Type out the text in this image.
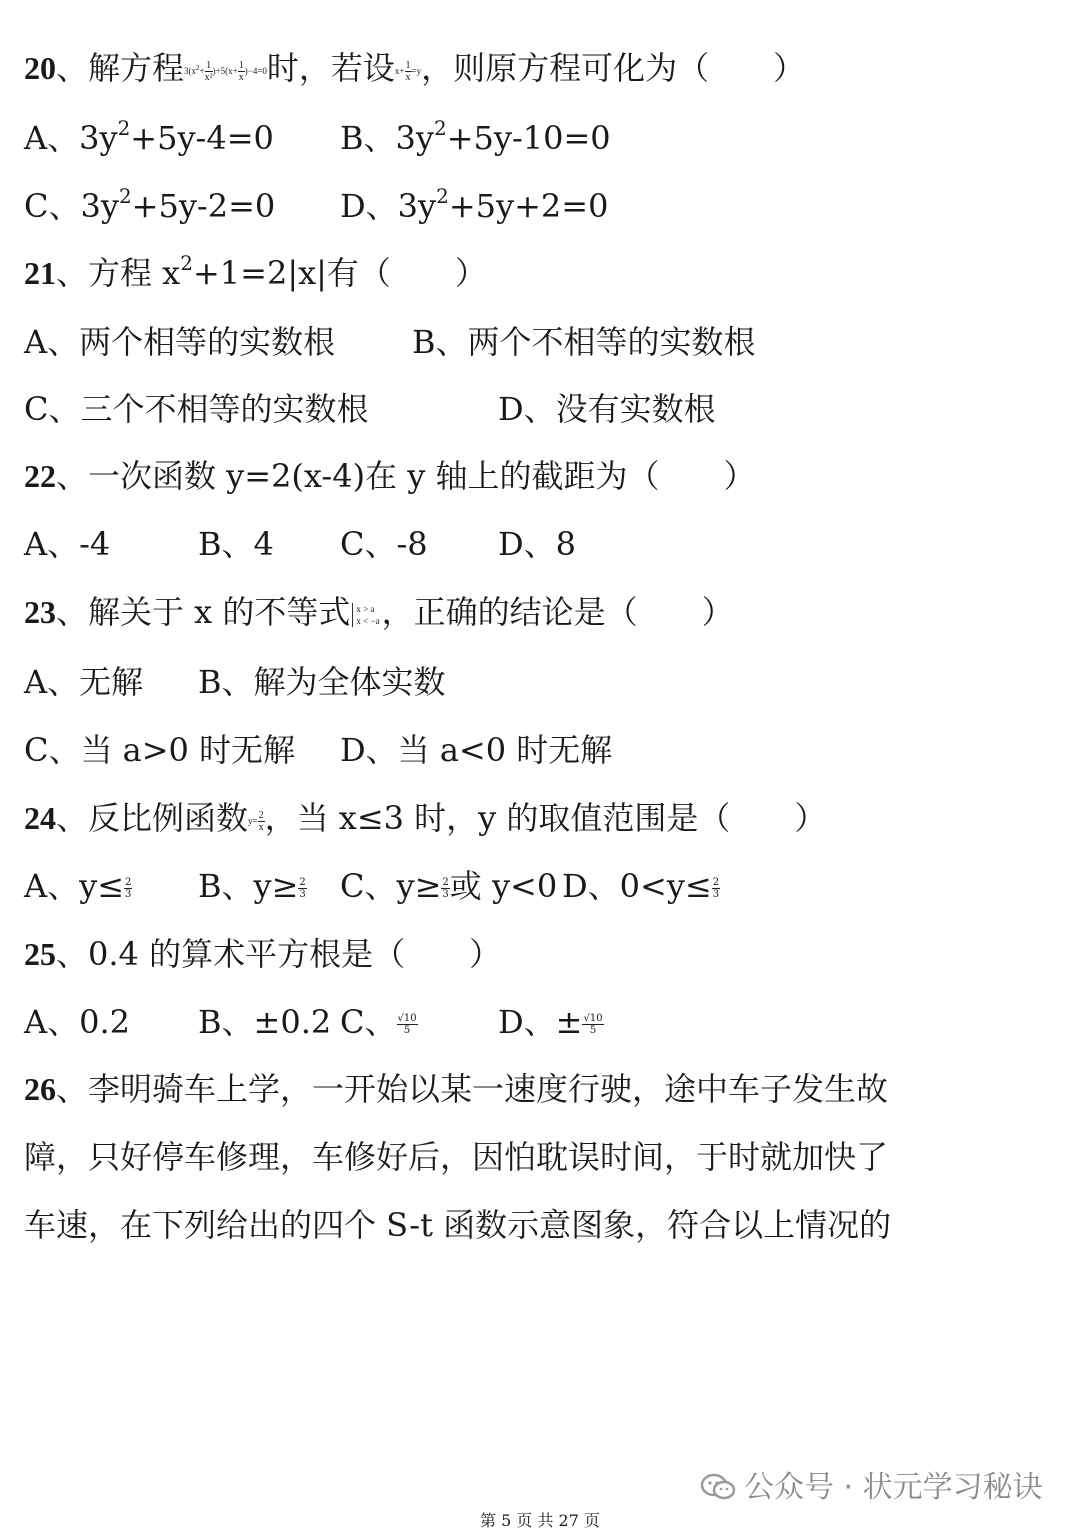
20、解方程$3(x^2+ \frac{1}{\text{x²}} )+5(x+ \frac{1}{x} )-4=0$时，若设$x+ \frac{1}{x} =y$，则原方程可化为（　　）
A、$3y^2+5y-4=0$ B、$3y^2+5y-10=0$
C、$3y^2+5y-2=0$ D、$3y^2+5y+2=0$
21、方程 $x^2+1=2|x|$有（　　）
A、两个相等的实数根 B、两个不相等的实数根
C、三个不相等的实数根	D、没有实数根
22、一次函数 y=2(x-4)在 y 轴上的截距为（　　）
A、-4	B、4 C、-8 D、8
23、解关于 x 的不等式 x > a
x < −a ，正确的结论是（　　）
A、无解 B、解为全体实数
C、当 a>0 时无解 D、当 a<0 时无解
24、反比例函数$y= \frac{2}{x}$ ，当 x≤3 时，y 的取值范围是（　　）
A、$y\le \frac{2}{3}$ B、$y\ge \frac{2}{3}$ C、$y\ge \frac{2}{3}$ 或 y<0 D、$0<y\le \frac{2}{3}$
25、0.4 的算术平方根是（　　）
A、0.2 B、±0.2 C、 $\frac{√10}{5}$	D、± $\frac{√10}{5}$
26、李明骑车上学，一开始以某一速度行驶，途中车子发生故
障，只好停车修理，车修好后，因怕耽误时间，于时就加快了
车速，在下列给出的四个 S-t 函数示意图象，符合以上情况的
公众号 · 状元学习秘诀
第 5 页 共 27 页
